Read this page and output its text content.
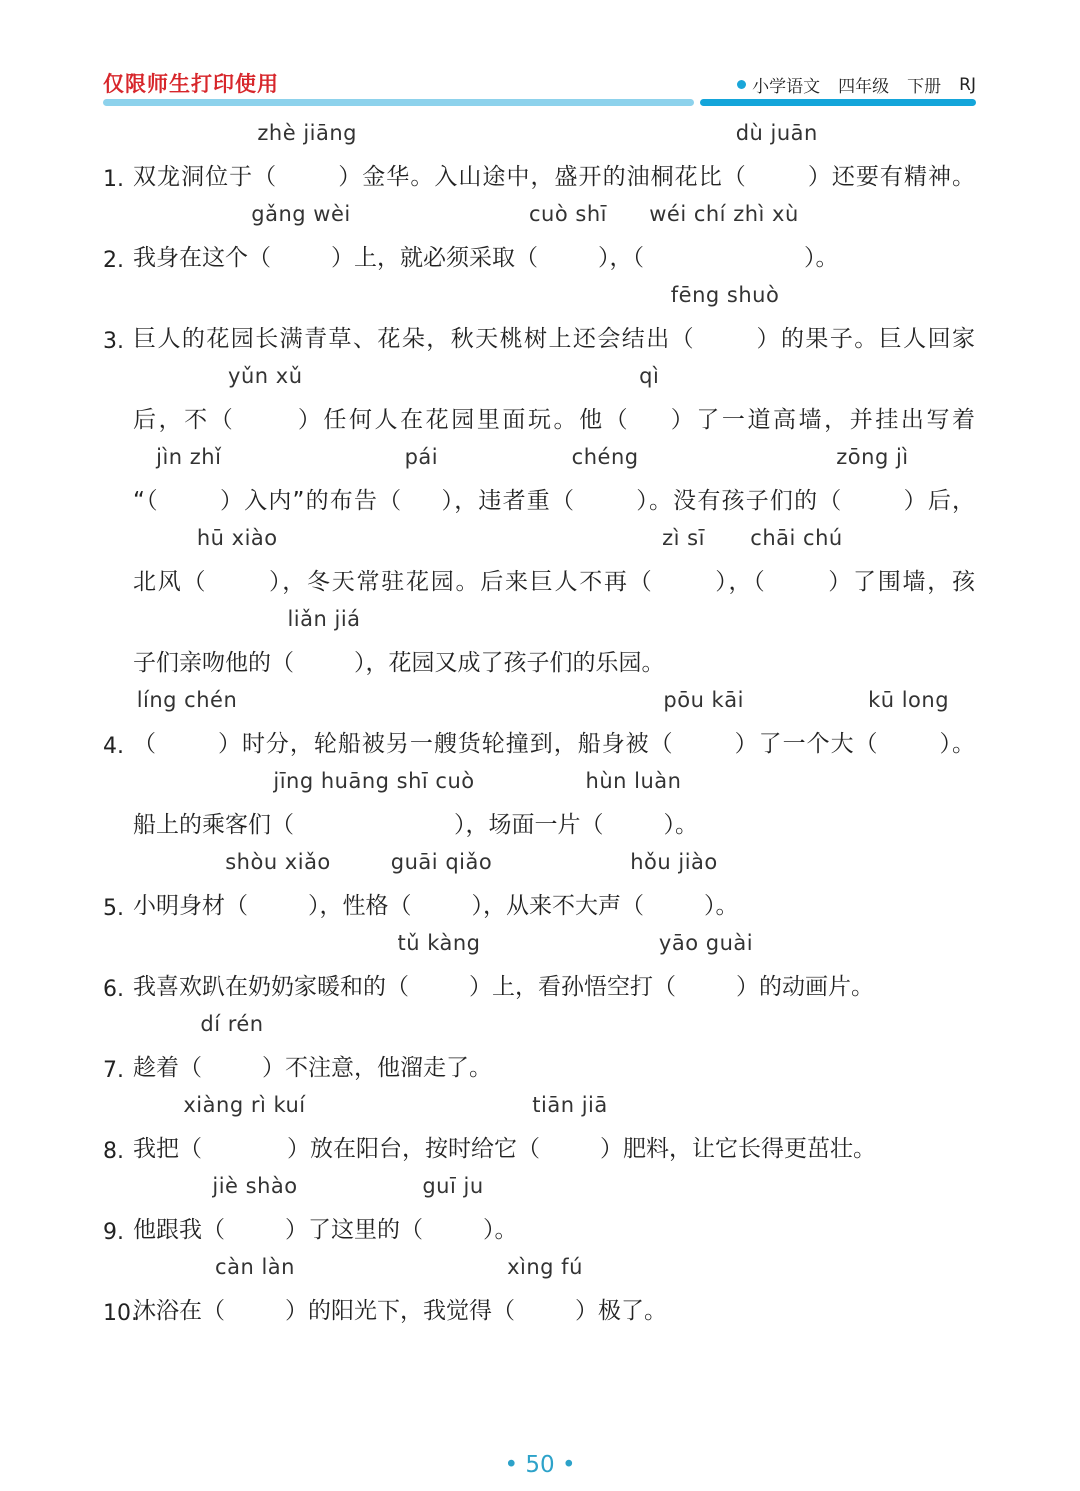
仅限师生打印使用	小学语文 四年级 下册 RJ
1. 双龙洞位于（
zhè jiāng
）金华。入山途中，盛开的油桐花比（
dù juān
）还要有精神。
2. 我身在这个（
gǎng wèi
）上，就必须采取（
cuò shī
），（
wéi chí zhì xù
）。
3. 巨人的花园长满青草、花朵，秋天桃树上还会结出（
fēng shuò
）的果子。巨人回家
后，不（
yǔn xǔ
）任何人在花园里面玩。他（
qì
）了一道高墙，并挂出写着
“（
jìn zhǐ
）入内”的布告（
pái
），违者重（
chéng
）。没有孩子们的（
zōng jì
）后，
北风（
hū xiào
），冬天常驻花园。后来巨人不再（
zì sī
），（
chāi chú
）了围墙，孩
子们亲吻他的（
liǎn jiá
），花园又成了孩子们的乐园。
4. （
líng chén
）时分，轮船被另一艘货轮撞到，船身被（
pōu kāi
）了一个大（
kū long
）。
船上的乘客们（
jīng huāng shī cuò
），场面一片（
hùn luàn
）。
5. 小明身材（
shòu xiǎo
），性格（
guāi qiǎo
），从来不大声（
hǒu jiào
）。
6. 我喜欢趴在奶奶家暖和的（
tǔ kàng
）上，看孙悟空打（
yāo guài
）的动画片。
7. 趁着（
dí rén
）不注意，他溜走了。
8. 我把（
xiàng rì kuí
）放在阳台，按时给它（
tiān jiā
）肥料，让它长得更茁壮。
9. 他跟我（
jiè shào
）了这里的（
guī ju
）。
10.
沐浴在（
càn làn
）的阳光下，我觉得（
xìng fú
）极了。
• 50 •
